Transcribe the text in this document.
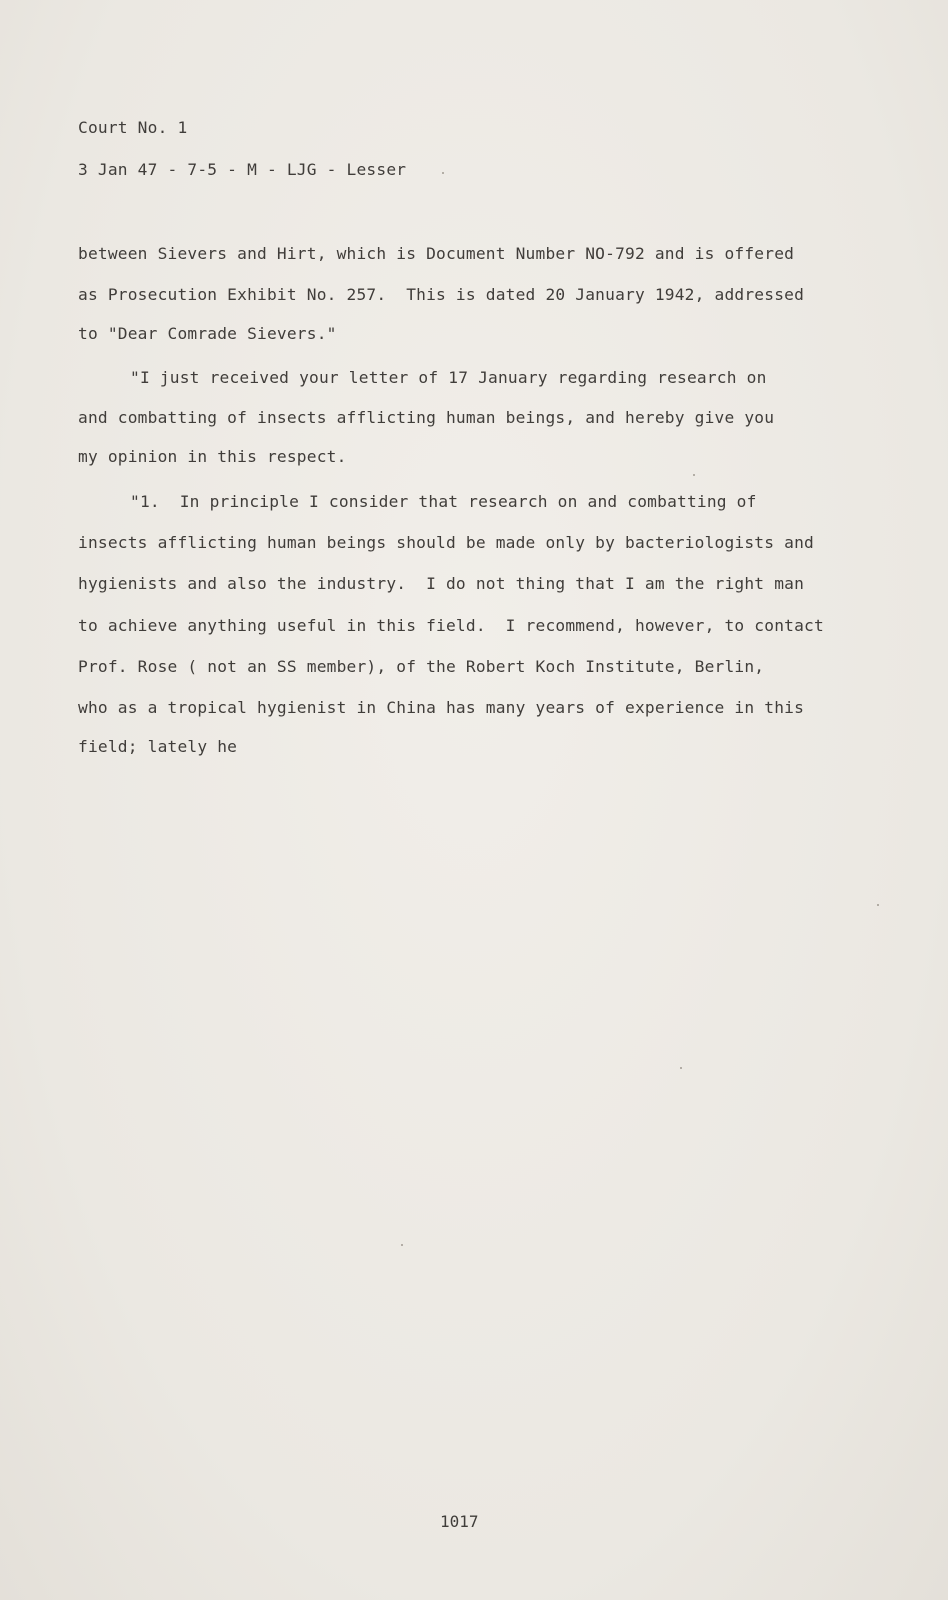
Court No. 1
3 Jan 47 - 7-5 - M - LJG - Lesser
between Sievers and Hirt, which is Document Number NO-792 and is offered
as Prosecution Exhibit No. 257.  This is dated 20 January 1942, addressed
to "Dear Comrade Sievers."
"I just received your letter of 17 January regarding research on
and combatting of insects afflicting human beings, and hereby give you
my opinion in this respect.
"1.  In principle I consider that research on and combatting of
insects afflicting human beings should be made only by bacteriologists and
hygienists and also the industry.  I do not thing that I am the right man
to achieve anything useful in this field.  I recommend, however, to contact
Prof. Rose ( not an SS member), of the Robert Koch Institute, Berlin,
who as a tropical hygienist in China has many years of experience in this
field; lately he
1017
